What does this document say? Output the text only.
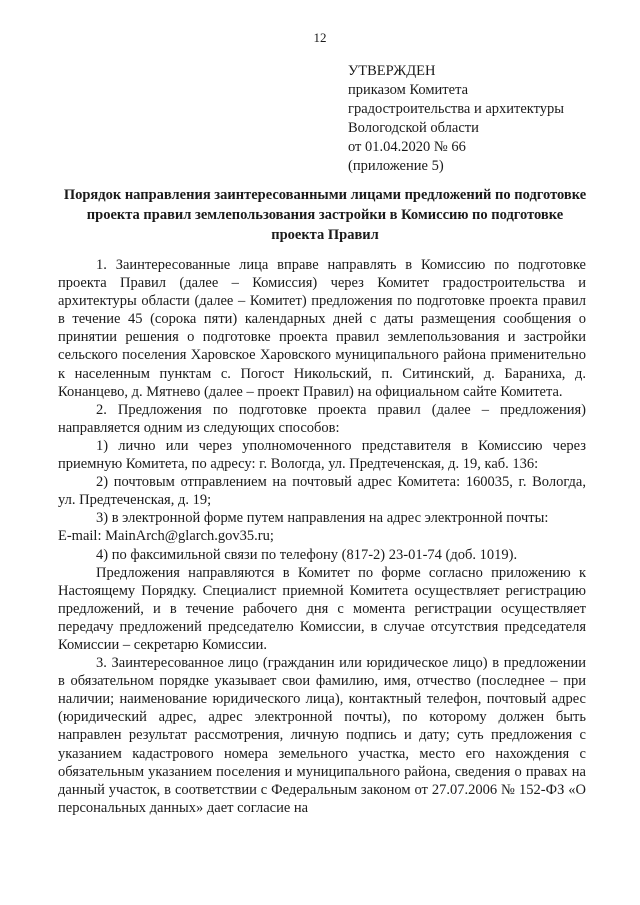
12
УТВЕРЖДЕН
приказом Комитета
градостроительства и архитектуры
Вологодской области
от 01.04.2020 № 66
(приложение 5)
Порядок направления заинтересованными лицами предложений по подготовке проекта правил землепользования застройки в Комиссию по подготовке проекта Правил

1. Заинтересованные лица вправе направлять в Комиссию по подготовке проекта Правил (далее – Комиссия) через Комитет градостроительства и архитектуры области (далее – Комитет) предложения по подготовке проекта правил в течение 45 (сорока пяти) календарных дней с даты размещения сообщения о принятии решения о подготовке проекта правил землепользования и застройки сельского поселения Харовское Харовского муниципального района применительно к населенным пунктам с. Погост Никольский, п. Ситинский, д. Бараниха, д. Конанцево, д. Мятнево (далее – проект Правил) на официальном сайте Комитета.

2. Предложения по подготовке проекта правил (далее – предложения) направляется одним из следующих способов:

1) лично или через уполномоченного представителя в Комиссию через приемную Комитета, по адресу: г. Вологда, ул. Предтеченская, д. 19, каб. 136:

2) почтовым отправлением на почтовый адрес Комитета: 160035, г. Вологда, ул. Предтеченская, д. 19;

3) в электронной форме путем направления на адрес электронной почты:

E-mail: MainArch@glarch.gov35.ru;

4) по факсимильной связи по телефону (817-2) 23-01-74 (доб. 1019).

Предложения направляются в Комитет по форме согласно приложению к Настоящему Порядку. Специалист приемной Комитета осуществляет регистрацию предложений, и в течение рабочего дня с момента регистрации осуществляет передачу предложений председателю Комиссии, в случае отсутствия председателя Комиссии – секретарю Комиссии.

3. Заинтересованное лицо (гражданин или юридическое лицо) в предложении в обязательном порядке указывает свои фамилию, имя, отчество (последнее – при наличии; наименование юридического лица), контактный телефон, почтовый адрес (юридический адрес, адрес электронной почты), по которому должен быть направлен результат рассмотрения, личную подпись и дату; суть предложения с указанием кадастрового номера земельного участка, место его нахождения с обязательным указанием поселения и муниципального района, сведения о правах на данный участок, в соответствии с Федеральным законом от 27.07.2006 № 152-ФЗ «О персональных данных» дает согласие на
